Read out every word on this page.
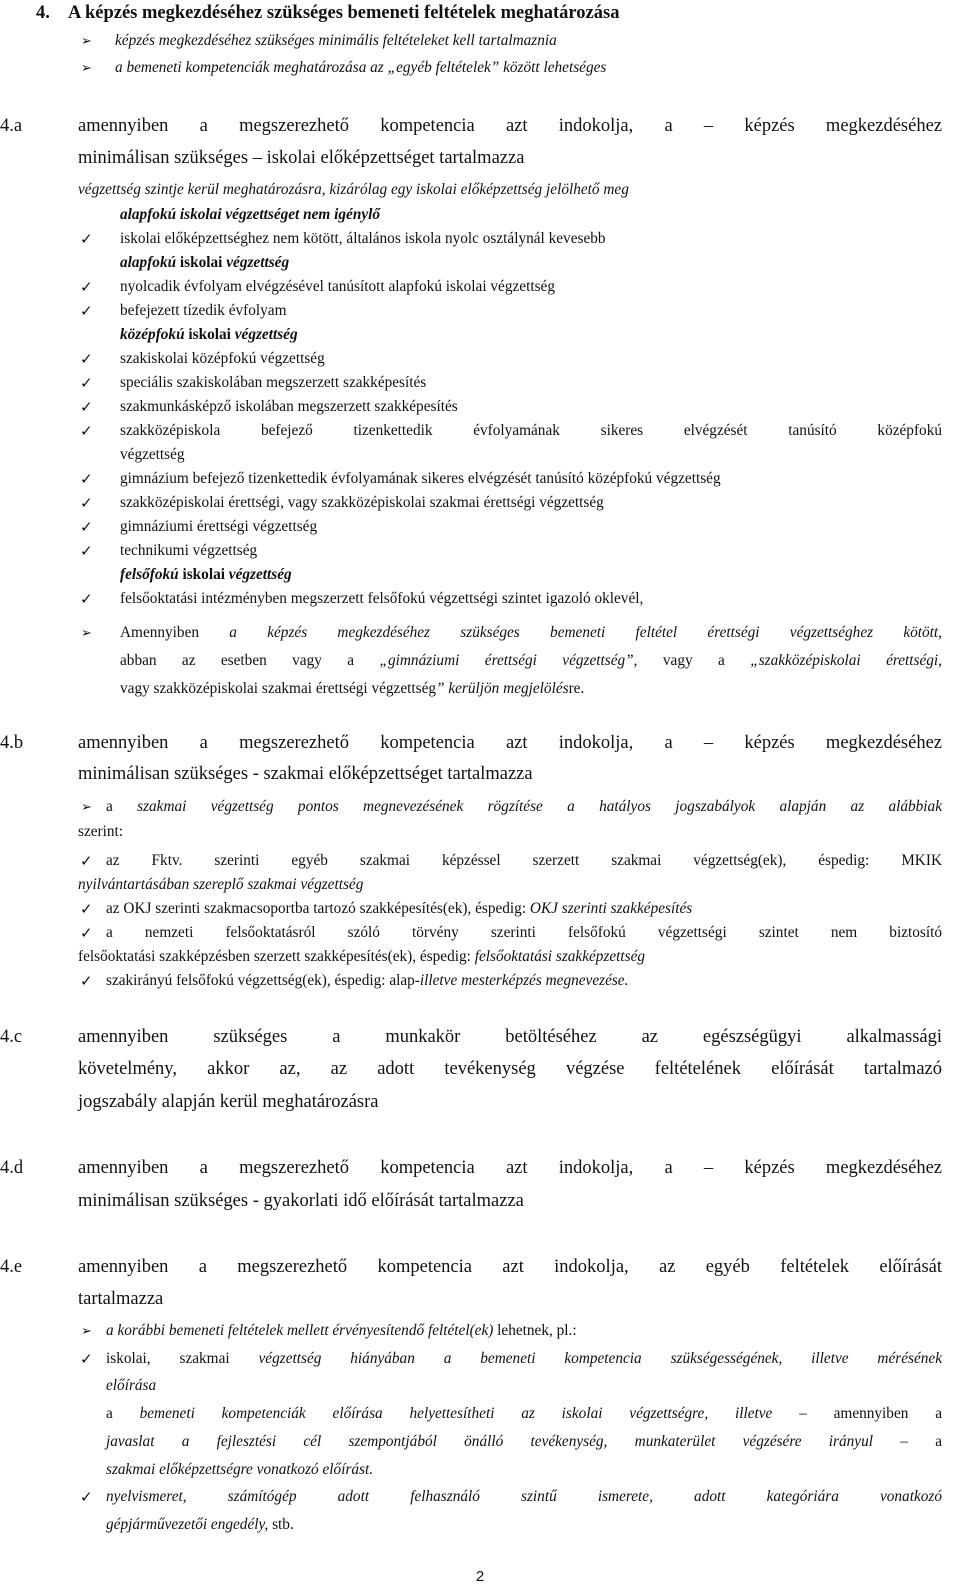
4. A képzés megkezdéséhez szükséges bemeneti feltételek meghatározása
➢ képzés megkezdéséhez szükséges minimális feltételeket kell tartalmaznia
➢ a bemeneti kompetenciák meghatározása az „egyéb feltételek” között lehetséges
4.a	amennyiben a megszerezhető kompetencia azt indokolja, a – képzés megkezdéséhez
minimálisan szükséges – iskolai előképzettséget tartalmazza
végzettség szintje kerül meghatározásra, kizárólag egy iskolai előképzettség jelölhető meg
alapfokú iskolai végzettséget nem igénylő
✓ iskolai előképzettséghez nem kötött, általános iskola nyolc osztálynál kevesebb
alapfokú iskolai végzettség
✓ nyolcadik évfolyam elvégzésével tanúsított alapfokú iskolai végzettség
✓ befejezett tízedik évfolyam
középfokú iskolai végzettség
✓ szakiskolai középfokú végzettség
✓ speciális szakiskolában megszerzett szakképesítés
✓ szakmunkásképző iskolában megszerzett szakképesítés
✓ szakközépiskola befejező tizenkettedik évfolyamának sikeres elvégzését tanúsító középfokú
végzettség
✓ gimnázium befejező tizenkettedik évfolyamának sikeres elvégzését tanúsító középfokú végzettség
✓ szakközépiskolai érettségi, vagy szakközépiskolai szakmai érettségi végzettség
✓ gimnáziumi érettségi végzettség
✓ technikumi végzettség
felsőfokú iskolai végzettség
✓ felsőoktatási intézményben megszerzett felsőfokú végzettségi szintet igazoló oklevél,
➢ Amennyiben a képzés megkezdéséhez szükséges bemeneti feltétel érettségi végzettséghez kötött,
abban az esetben vagy a „gimnáziumi érettségi végzettség”, vagy a „szakközépiskolai érettségi,
vagy szakközépiskolai szakmai érettségi végzettség” kerüljön megjelölésre.
4.b	amennyiben a megszerezhető kompetencia azt indokolja, a – képzés megkezdéséhez
minimálisan szükséges - szakmai előképzettséget tartalmazza
➢ a szakmai végzettség pontos megnevezésének rögzítése a hatályos jogszabályok alapján az alábbiak
szerint:
✓ az Fktv. szerinti egyéb szakmai képzéssel szerzett szakmai végzettség(ek), éspedig: MKIK
nyilvántartásában szereplő szakmai végzettség
✓ az OKJ szerinti szakmacsoportba tartozó szakképesítés(ek), éspedig: OKJ szerinti szakképesítés
✓ a nemzeti felsőoktatásról szóló törvény szerinti felsőfokú végzettségi szintet nem biztosító
felsőoktatási szakképzésben szerzett szakképesítés(ek), éspedig: felsőoktatási szakképzettség
✓ szakirányú felsőfokú végzettség(ek), éspedig: alap-illetve mesterképzés megnevezése.
4.c	amennyiben szükséges a munkakör betöltéséhez az egészségügyi alkalmassági
követelmény, akkor az, az adott tevékenység végzése feltételének előírását tartalmazó
jogszabály alapján kerül meghatározásra
4.d	amennyiben a megszerezhető kompetencia azt indokolja, a – képzés megkezdéséhez
minimálisan szükséges - gyakorlati idő előírását tartalmazza
4.e	amennyiben a megszerezhető kompetencia azt indokolja, az egyéb feltételek előírását
tartalmazza
➢ a korábbi bemeneti feltételek mellett érvényesítendő feltétel(ek) lehetnek, pl.:
✓ iskolai, szakmai végzettség hiányában a bemeneti kompetencia szükségességének, illetve mérésének
előírása
a bemeneti kompetenciák előírása helyettesítheti az iskolai végzettségre, illetve – amennyiben a
javaslat a fejlesztési cél szempontjából önálló tevékenység, munkaterület végzésére irányul – a
szakmai előképzettségre vonatkozó előírást.
✓ nyelvismeret, számítógép adott felhasználó szintű ismerete, adott kategóriára vonatkozó
gépjárművezetői engedély, stb.
2
